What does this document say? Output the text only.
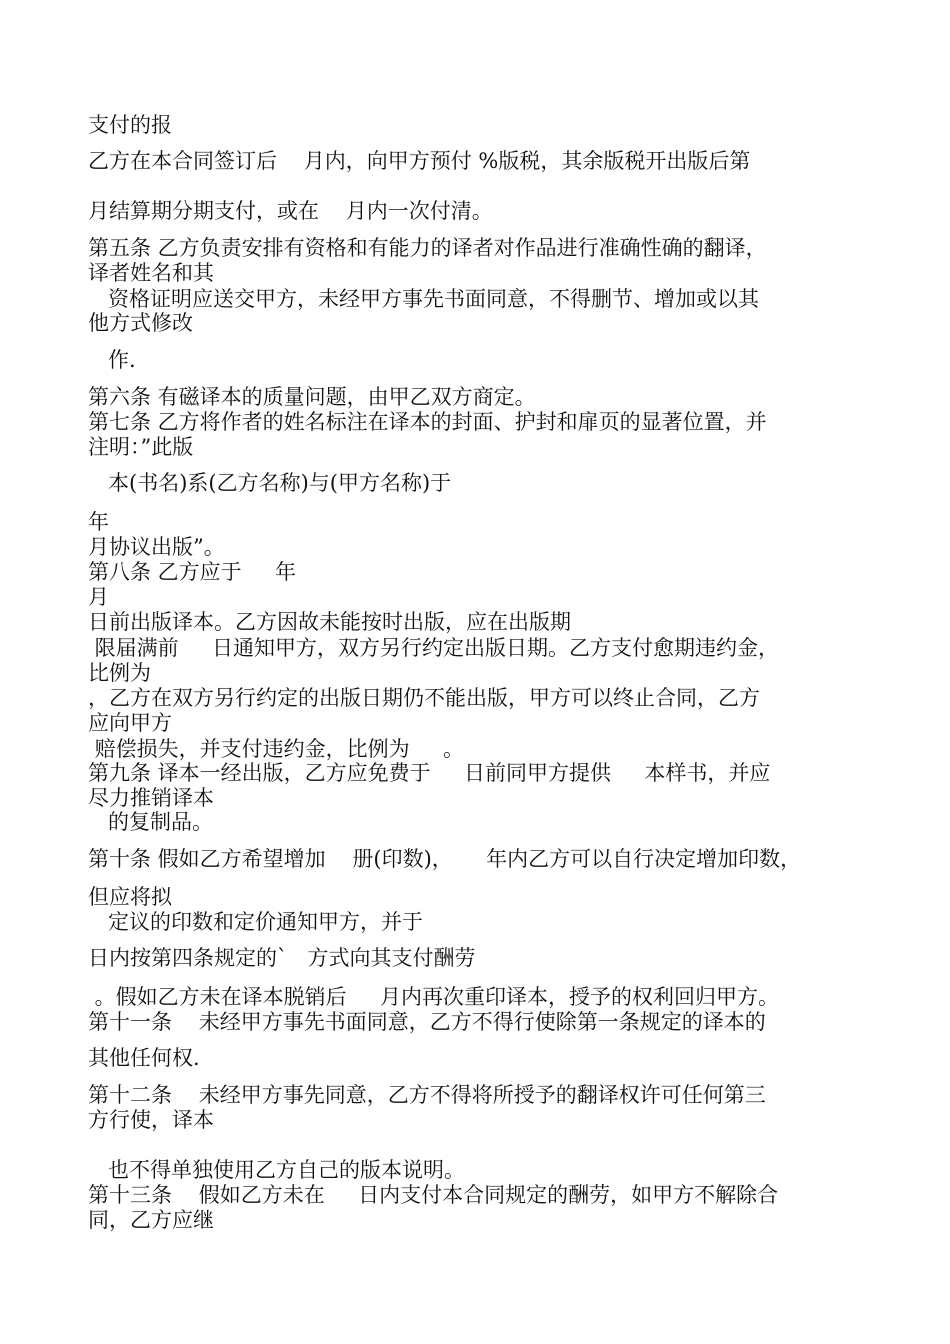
支付的报
乙方在本合同签订后    月内，向甲方预付 %版税，其余版税开出版后第
月结算期分期支付，或在    月内一次付清。
第五条 乙方负责安排有资格和有能力的译者对作品进行准确性确的翻译，
译者姓名和其
资格证明应送交甲方，未经甲方事先书面同意，不得删节、增加或以其
他方式修改
作.
第六条 有磁译本的质量问题，由甲乙双方商定。
第七条 乙方将作者的姓名标注在译本的封面、护封和扉页的显著位置，并
注明：”此版
本(书名)系(乙方名称)与(甲方名称)于
年
月协议出版”。
第八条 乙方应于     年
月
日前出版译本。乙方因故未能按时出版，应在出版期
限届满前     日通知甲方，双方另行约定出版日期。乙方支付愈期违约金，
比例为
，乙方在双方另行约定的出版日期仍不能出版，甲方可以终止合同，乙方
应向甲方
赔偿损失，并支付违约金，比例为     。
第九条 译本一经出版，乙方应免费于     日前同甲方提供     本样书，并应
尽力推销译本
的复制品。
第十条 假如乙方希望增加    册(印数)，     年内乙方可以自行决定增加印数，
但应将拟
定议的印数和定价通知甲方，并于
日内按第四条规定的`   方式向其支付酬劳
。假如乙方未在译本脱销后     月内再次重印译本，授予的权利回归甲方。
第十一条    未经甲方事先书面同意，乙方不得行使除第一条规定的译本的
其他任何权.
第十二条    未经甲方事先同意，乙方不得将所授予的翻译权许可任何第三
方行使，译本
也不得单独使用乙方自己的版本说明。
第十三条    假如乙方未在     日内支付本合同规定的酬劳，如甲方不解除合
同，乙方应继
